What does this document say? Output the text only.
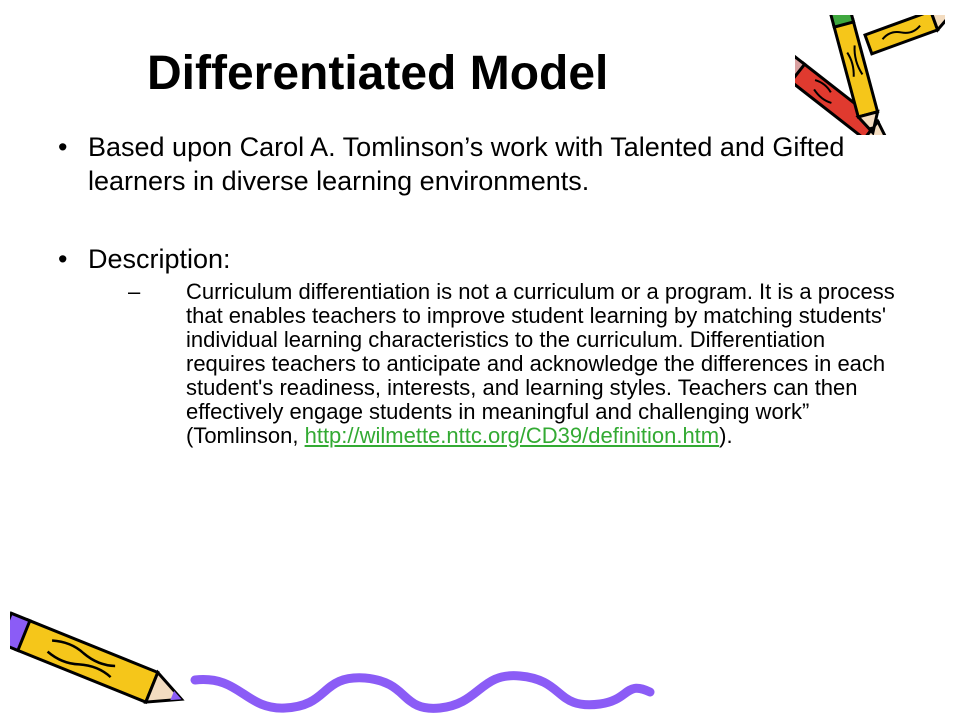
Differentiated Model
• Based upon Carol A. Tomlinson’s work with Talented and Gifted learners in diverse learning environments.
• Description:
– Curriculum differentiation is not a curriculum or a program. It is a process that enables teachers to improve student learning by matching students' individual learning characteristics to the curriculum. Differentiation requires teachers to anticipate and acknowledge the differences in each student's readiness, interests, and learning styles. Teachers can then effectively engage students in meaningful and challenging work” (Tomlinson, http://wilmette.nttc.org/CD39/definition.htm).
